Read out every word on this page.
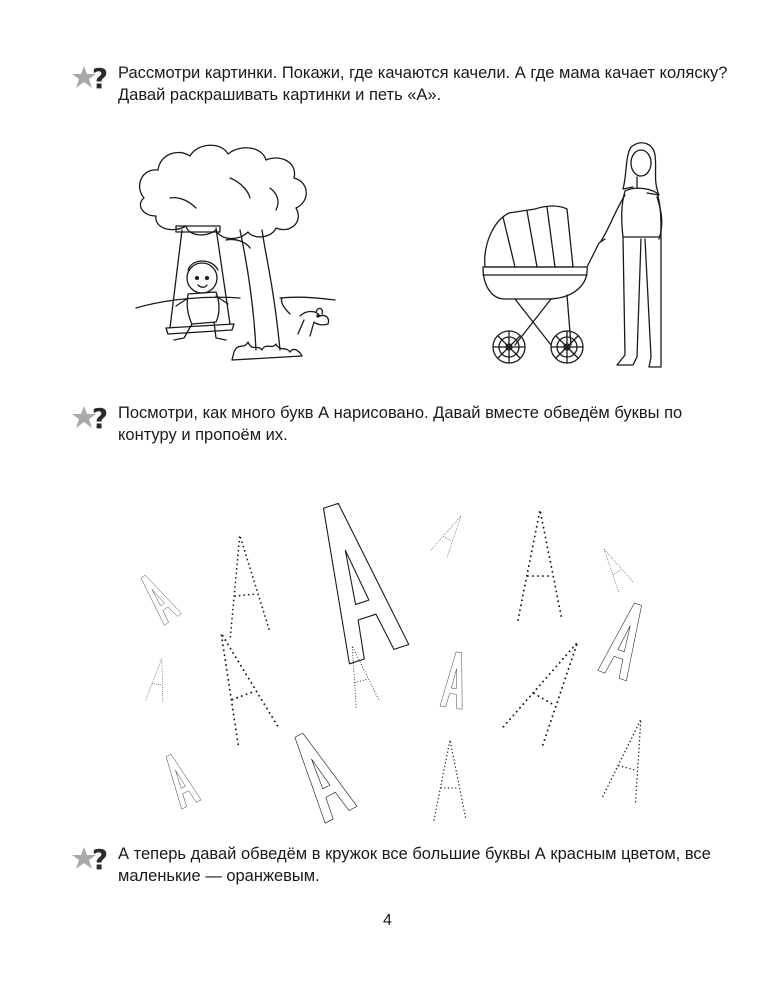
? Рассмотри картинки. Покажи, где качаются качели. А где мама качает коляску? Давай раскрашивать картинки и петь «А».
? Посмотри, как много букв А нарисовано. Давай вместе обведём буквы по контуру и пропоём их.
? А теперь давай обведём в кружок все большие буквы А красным цветом, все маленькие — оранжевым.
4
